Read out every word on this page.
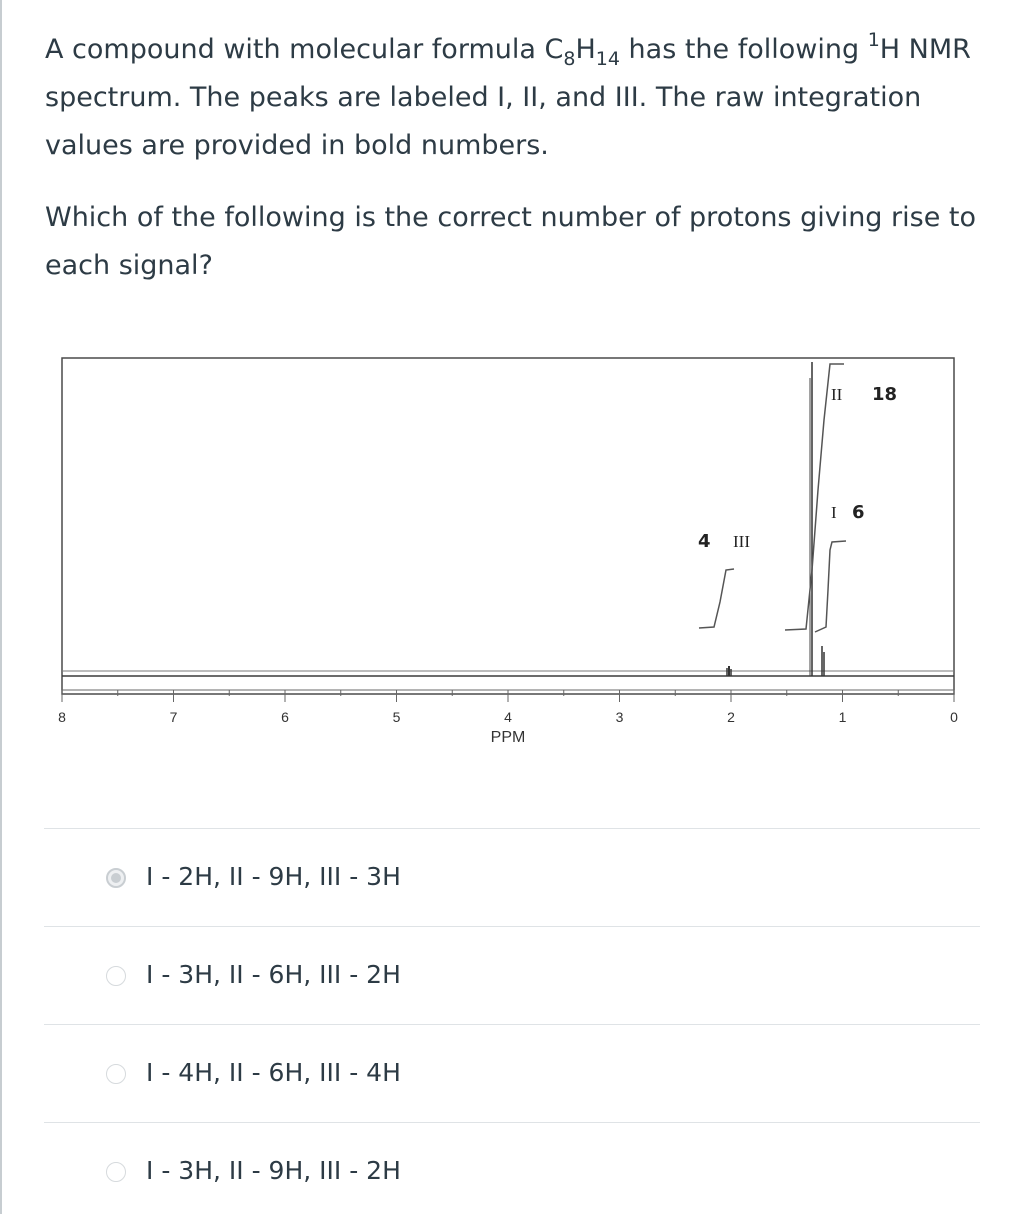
A compound with molecular formula $C_8H_{14}$ has the following $^1$H NMR spectrum. The peaks are labeled I, II, and III. The raw integration values are provided in bold numbers.

Which of the following is the correct number of protons giving rise to each signal?

8	7	6	5	4	3	2	1	0
PPM
II 18
I 6
4 III
I - 2H, II - 9H, III - 3H
I - 3H, II - 6H, III - 2H
I - 4H, II - 6H, III - 4H
I - 3H, II - 9H, III - 2H
